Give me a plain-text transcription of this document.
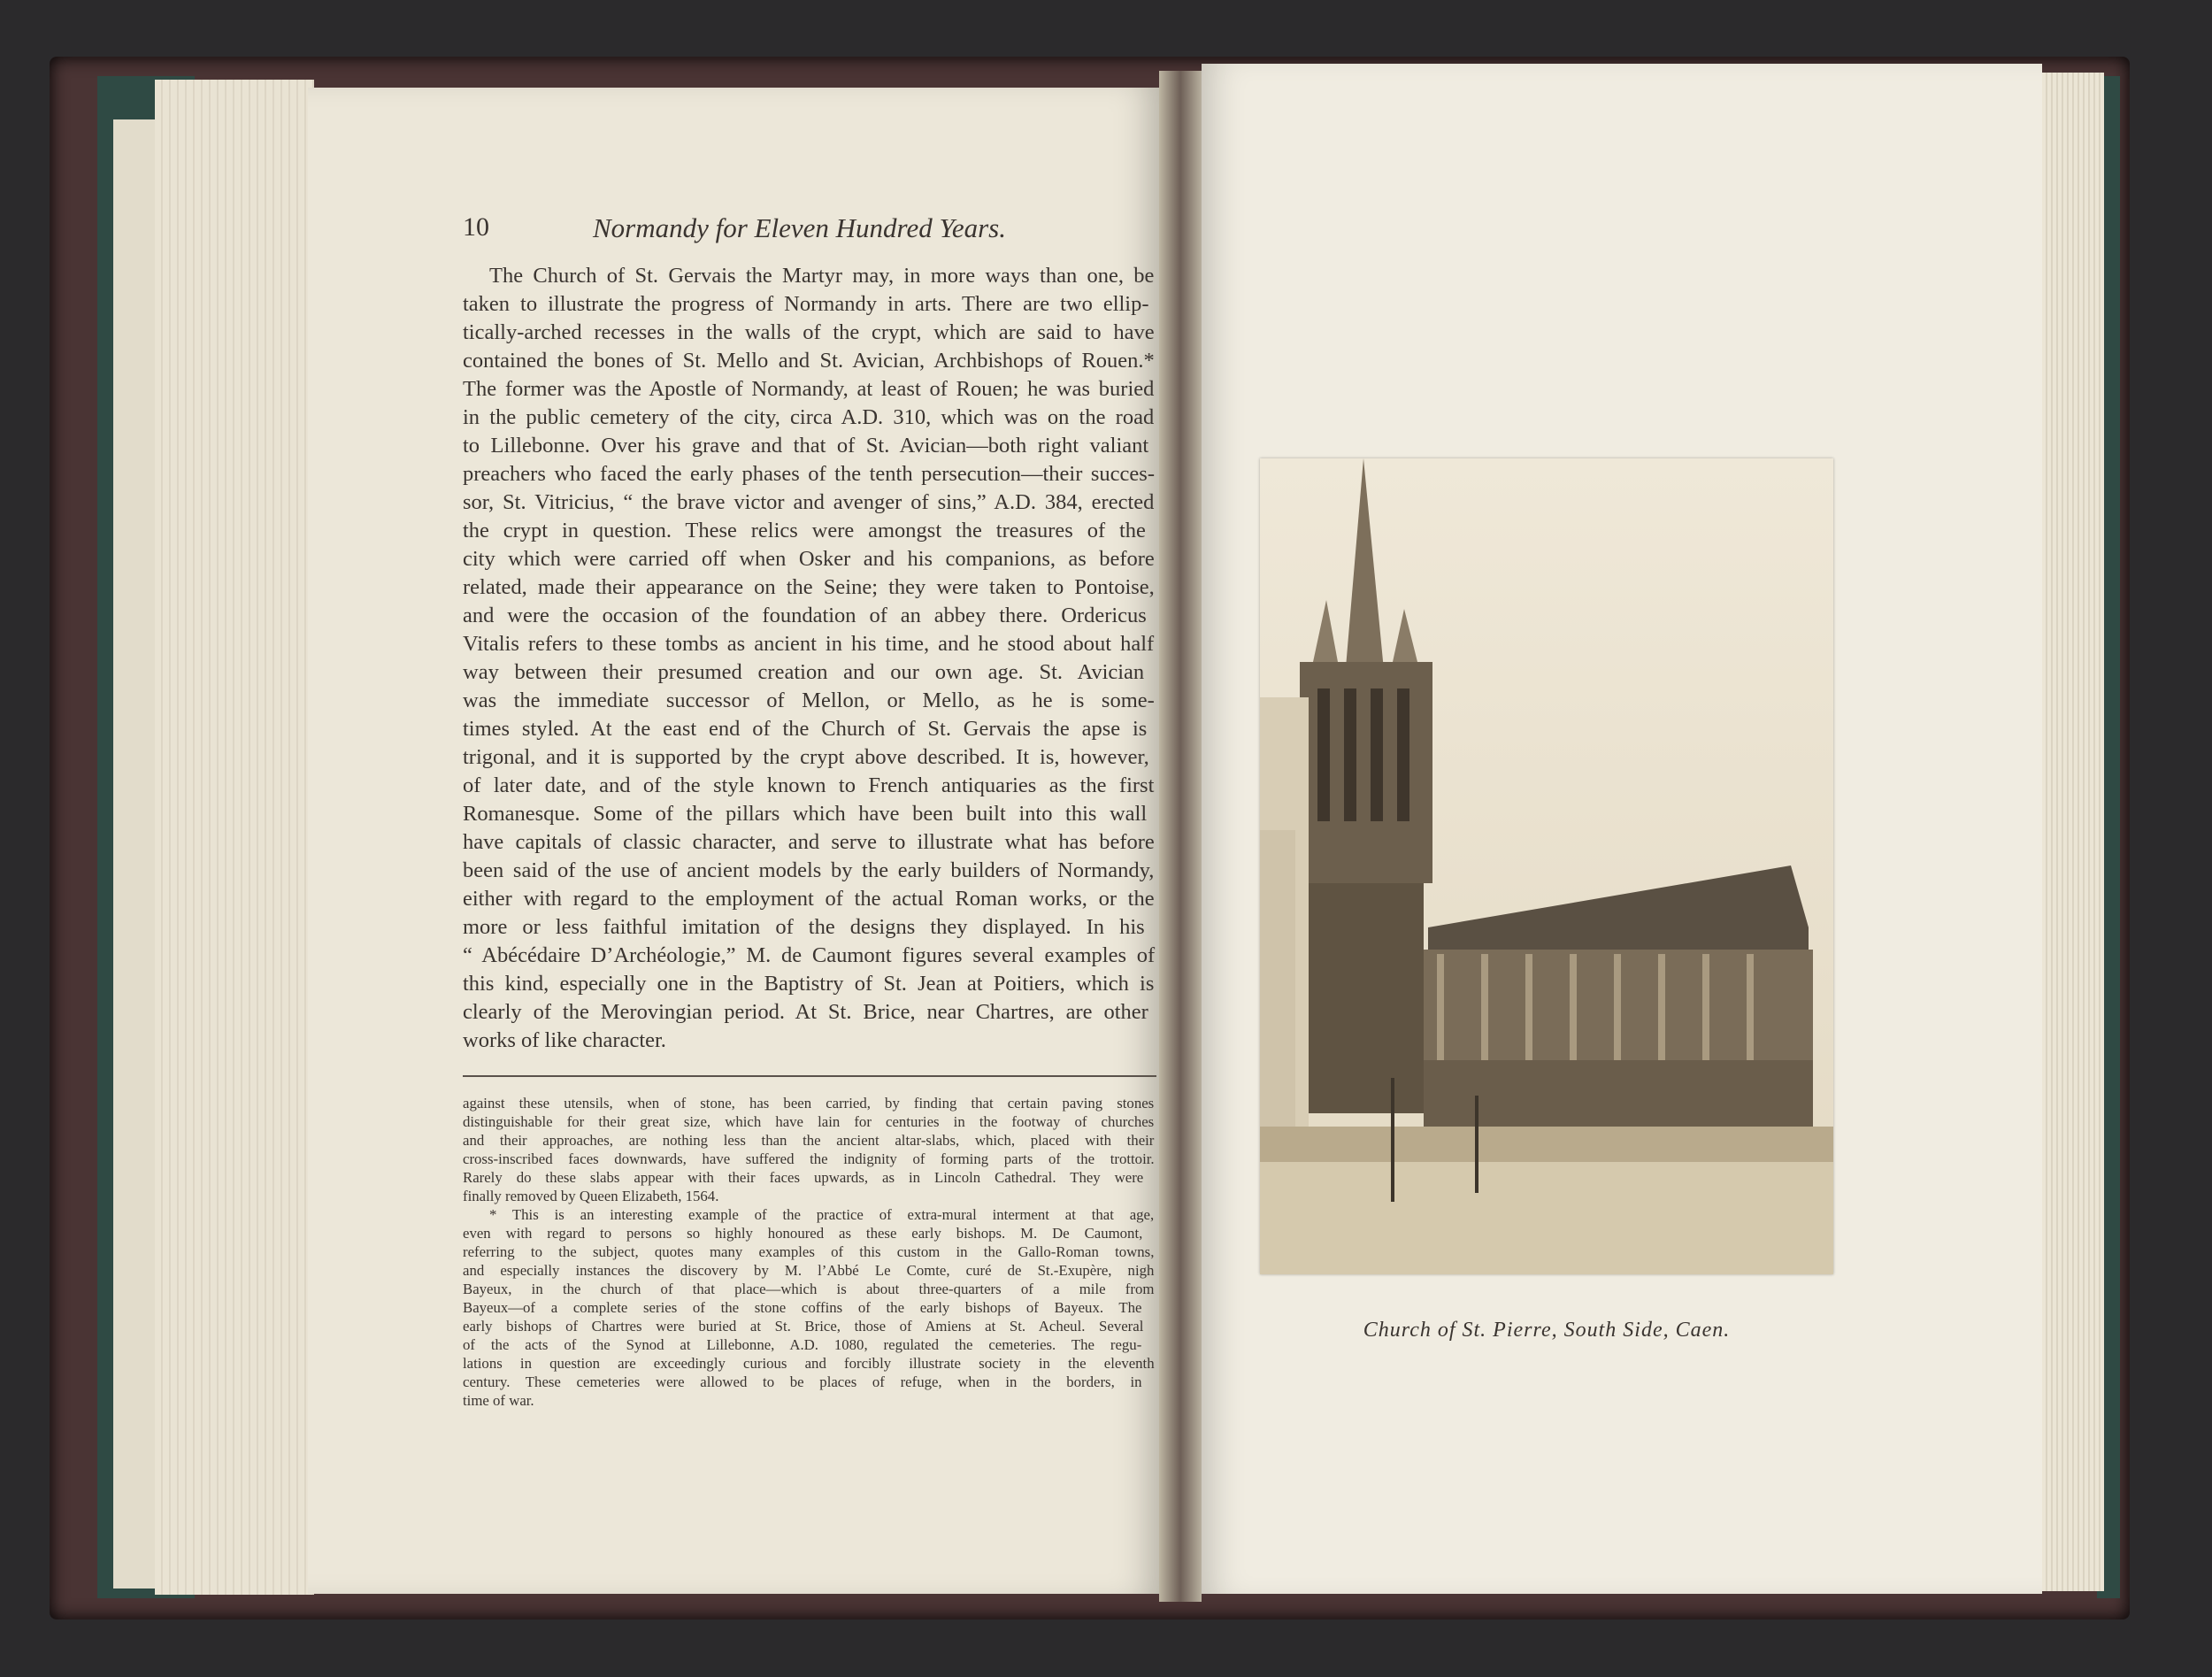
10	Normandy for Eleven Hundred Years.
The Church of St. Gervais the Martyr may, in more ways than one, be
taken to illustrate the progress of Normandy in arts. There are two ellip-
tically-arched recesses in the walls of the crypt, which are said to have
contained the bones of St. Mello and St. Avician, Archbishops of Rouen.*
The former was the Apostle of Normandy, at least of Rouen; he was buried
in the public cemetery of the city, circa A.D. 310, which was on the road
to Lillebonne. Over his grave and that of St. Avician—both right valiant
preachers who faced the early phases of the tenth persecution—their succes-
sor, St. Vitricius, “ the brave victor and avenger of sins,” A.D. 384, erected
the crypt in question. These relics were amongst the treasures of the
city which were carried off when Osker and his companions, as before
related, made their appearance on the Seine; they were taken to Pontoise,
and were the occasion of the foundation of an abbey there. Ordericus
Vitalis refers to these tombs as ancient in his time, and he stood about half
way between their presumed creation and our own age. St. Avician
was the immediate successor of Mellon, or Mello, as he is some-
times styled. At the east end of the Church of St. Gervais the apse is
trigonal, and it is supported by the crypt above described. It is, however,
of later date, and of the style known to French antiquaries as the first
Romanesque. Some of the pillars which have been built into this wall
have capitals of classic character, and serve to illustrate what has before
been said of the use of ancient models by the early builders of Normandy,
either with regard to the employment of the actual Roman works, or the
more or less faithful imitation of the designs they displayed. In his
“ Abécédaire D’Archéologie,” M. de Caumont figures several examples of
this kind, especially one in the Baptistry of St. Jean at Poitiers, which is
clearly of the Merovingian period. At St. Brice, near Chartres, are other
works of like character.
against these utensils, when of stone, has been carried, by finding that certain paving stones
distinguishable for their great size, which have lain for centuries in the footway of churches
and their approaches, are nothing less than the ancient altar-slabs, which, placed with their
cross-inscribed faces downwards, have suffered the indignity of forming parts of the trottoir.
Rarely do these slabs appear with their faces upwards, as in Lincoln Cathedral. They were
finally removed by Queen Elizabeth, 1564.
* This is an interesting example of the practice of extra-mural interment at that age,
even with regard to persons so highly honoured as these early bishops. M. De Caumont,
referring to the subject, quotes many examples of this custom in the Gallo-Roman towns,
and especially instances the discovery by M. l’Abbé Le Comte, curé de St.-Exupère, nigh
Bayeux, in the church of that place—which is about three-quarters of a mile from
Bayeux—of a complete series of the stone coffins of the early bishops of Bayeux. The
early bishops of Chartres were buried at St. Brice, those of Amiens at St. Acheul. Several
of the acts of the Synod at Lillebonne, A.D. 1080, regulated the cemeteries. The regu-
lations in question are exceedingly curious and forcibly illustrate society in the eleventh
century. These cemeteries were allowed to be places of refuge, when in the borders, in
time of war.
Church of St. Pierre, South Side, Caen.
